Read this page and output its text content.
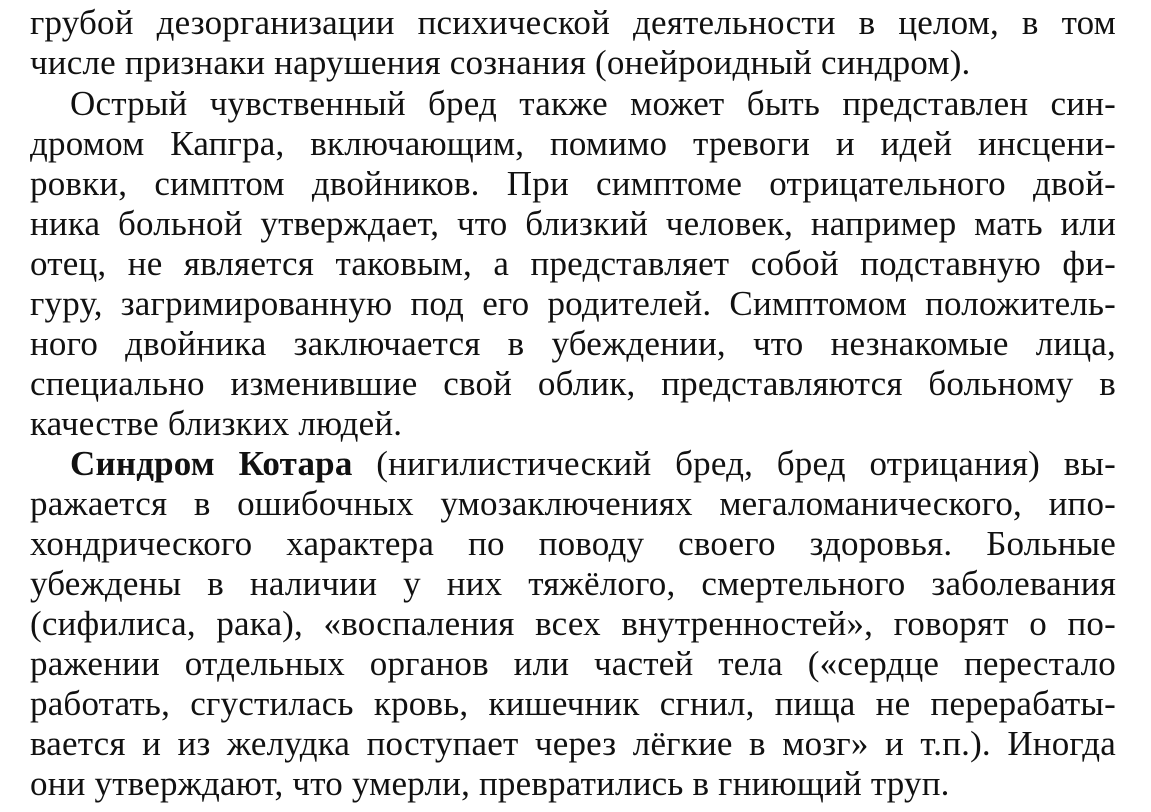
грубой дезорганизации психической деятельности в целом, в том
числе признаки нарушения сознания (онейроидный синдром).
Острый чувственный бред также может быть представлен син-
дромом Капгра, включающим, помимо тревоги и идей инсцени-
ровки, симптом двойников. При симптоме отрицательного двой-
ника больной утверждает, что близкий человек, например мать или
отец, не является таковым, а представляет собой подставную фи-
гуру, загримированную под его родителей. Симптомом положитель-
ного двойника заключается в убеждении, что незнакомые лица,
специально изменившие свой облик, представляются больному в
качестве близких людей.
Синдром Котара (нигилистический бред, бред отрицания) вы-
ражается в ошибочных умозаключениях мегаломанического, ипо-
хондрического характера по поводу своего здоровья. Больные
убеждены в наличии у них тяжёлого, смертельного заболевания
(сифилиса, рака), «воспаления всех внутренностей», говорят о по-
ражении отдельных органов или частей тела («сердце перестало
работать, сгустилась кровь, кишечник сгнил, пища не перерабаты-
вается и из желудка поступает через лёгкие в мозг» и т.п.). Иногда
они утверждают, что умерли, превратились в гниющий труп.
